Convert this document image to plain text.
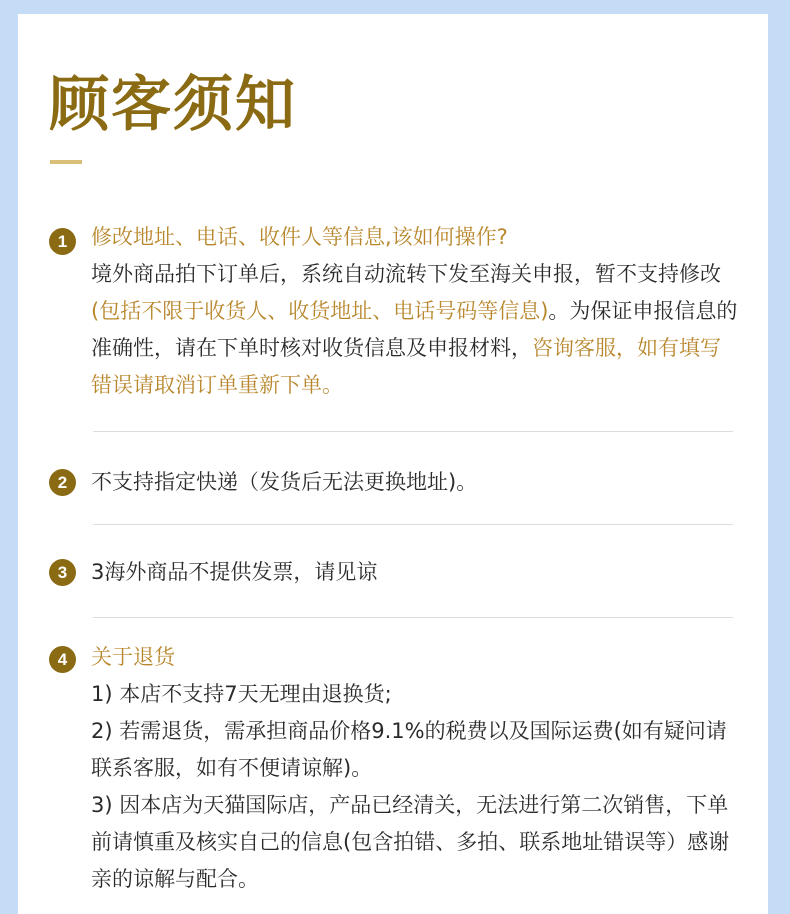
顾客须知
1	修改地址、电话、收件人等信息,该如何操作?

境外商品拍下订单后，系统自动流转下发至海关申报，暂不支持修改(包括不限于收货人、收货地址、电话号码等信息)。为保证申报信息的准确性，请在下单时核对收货信息及申报材料，咨询客服，如有填写错误请取消订单重新下单。

2	不支持指定快递（发货后无法更换地址)。

3	3海外商品不提供发票，请见谅

4	关于退货

1) 本店不支持7天无理由退换货;

2) 若需退货，需承担商品价格9.1%的税费以及国际运费(如有疑问请联系客服，如有不便请谅解)。

3) 因本店为天猫国际店，产品已经清关，无法进行第二次销售，下单前请慎重及核实自己的信息(包含拍错、多拍、联系地址错误等）感谢亲的谅解与配合。
